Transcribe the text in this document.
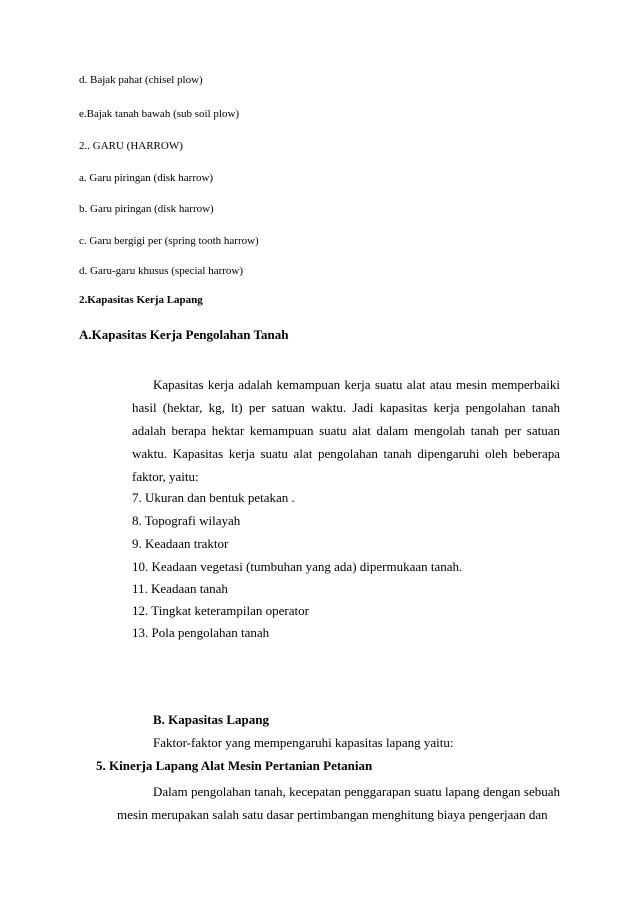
d. Bajak pahat (chisel plow)
e.Bajak tanah bawah (sub soil plow)
2.. GARU (HARROW)
a. Garu piringan (disk harrow)
b. Garu piringan (disk harrow)
c. Garu bergigi per (spring tooth harrow)
d. Garu-garu khusus (special harrow)
2.Kapasitas Kerja Lapang
A.Kapasitas Kerja Pengolahan Tanah
Kapasitas kerja adalah kemampuan kerja suatu alat atau mesin memperbaiki hasil (hektar, kg, lt) per satuan waktu. Jadi kapasitas kerja pengolahan tanah adalah berapa hektar kemampuan suatu alat dalam mengolah tanah per satuan waktu. Kapasitas kerja suatu alat pengolahan tanah dipengaruhi oleh beberapa faktor, yaitu:
7. Ukuran dan bentuk petakan .
8. Topografi wilayah
9. Keadaan traktor
10. Keadaan vegetasi (tumbuhan yang ada) dipermukaan tanah.
11. Keadaan tanah
12. Tingkat keterampilan operator
13. Pola pengolahan tanah
B. Kapasitas Lapang
Faktor-faktor yang mempengaruhi kapasitas lapang yaitu:
5. Kinerja Lapang Alat Mesin Pertanian Petanian
Dalam pengolahan tanah, kecepatan penggarapan suatu lapang dengan sebuah mesin merupakan salah satu dasar pertimbangan menghitung biaya pengerjaan dan
